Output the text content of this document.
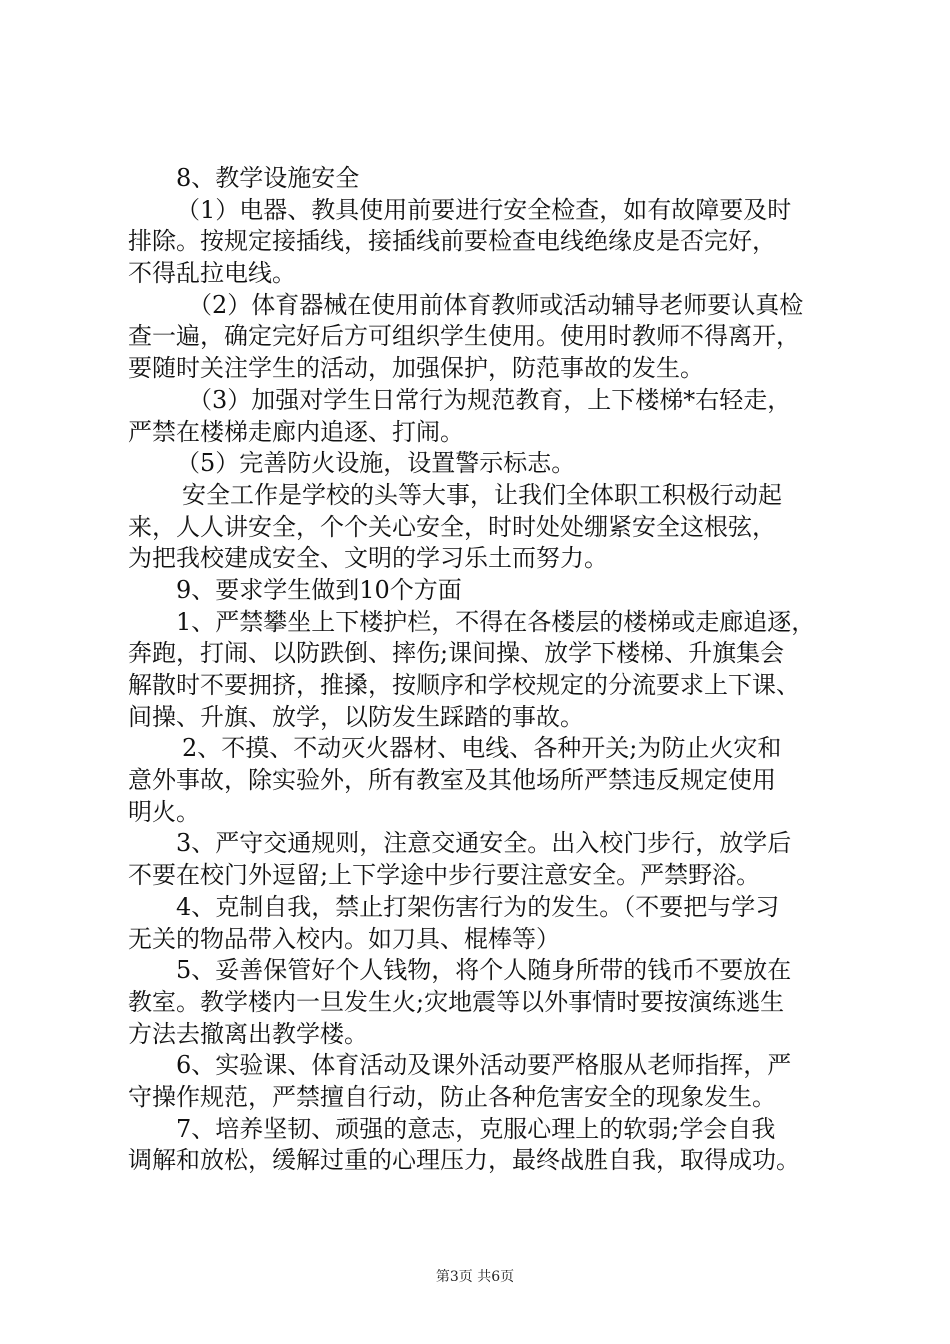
8、教学设施安全
（1）电器、教具使用前要进行安全检查，如有故障要及时
排除。按规定接插线，接插线前要检查电线绝缘皮是否完好，
不得乱拉电线。
（2）体育器械在使用前体育教师或活动辅导老师要认真检
查一遍，确定完好后方可组织学生使用。使用时教师不得离开，
要随时关注学生的活动，加强保护，防范事故的发生。
（3）加强对学生日常行为规范教育，上下楼梯*右轻走，
严禁在楼梯走廊内追逐、打闹。
（5）完善防火设施，设置警示标志。
安全工作是学校的头等大事，让我们全体职工积极行动起
来，人人讲安全，个个关心安全，时时处处绷紧安全这根弦，
为把我校建成安全、文明的学习乐土而努力。
9、要求学生做到10个方面
1、严禁攀坐上下楼护栏，不得在各楼层的楼梯或走廊追逐，
奔跑，打闹、以防跌倒、摔伤;课间操、放学下楼梯、升旗集会
解散时不要拥挤，推搡，按顺序和学校规定的分流要求上下课、
间操、升旗、放学，以防发生踩踏的事故。
2、不摸、不动灭火器材、电线、各种开关;为防止火灾和
意外事故，除实验外，所有教室及其他场所严禁违反规定使用
明火。
3、严守交通规则，注意交通安全。出入校门步行，放学后
不要在校门外逗留;上下学途中步行要注意安全。严禁野浴。
4、克制自我，禁止打架伤害行为的发生。（不要把与学习
无关的物品带入校内。如刀具、棍棒等）
5、妥善保管好个人钱物，将个人随身所带的钱币不要放在
教室。教学楼内一旦发生火;灾地震等以外事情时要按演练逃生
方法去撤离出教学楼。
6、实验课、体育活动及课外活动要严格服从老师指挥，严
守操作规范，严禁擅自行动，防止各种危害安全的现象发生。
7、培养坚韧、顽强的意志，克服心理上的软弱;学会自我
调解和放松，缓解过重的心理压力，最终战胜自我，取得成功。
第3页 共6页
